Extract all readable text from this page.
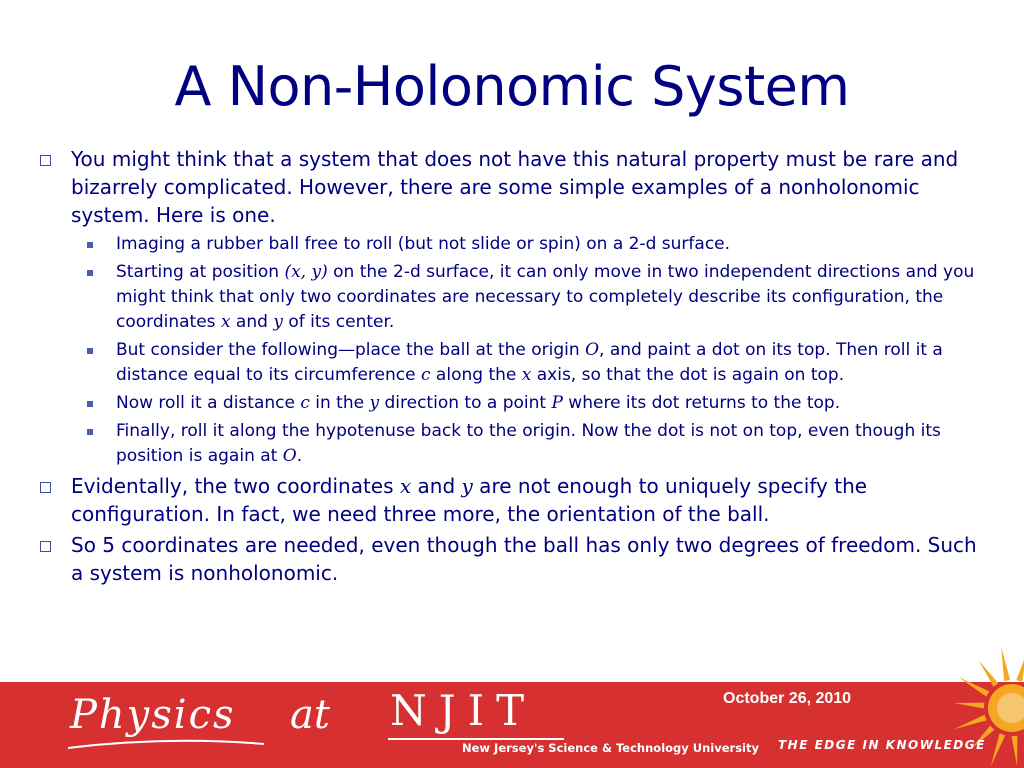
A Non-Holonomic System
You might think that a system that does not have this natural property must be rare and bizarrely complicated. However, there are some simple examples of a nonholonomic system. Here is one.
Imaging a rubber ball free to roll (but not slide or spin) on a 2-d surface.
Starting at position (x, y) on the 2-d surface, it can only move in two independent directions and you might think that only two coordinates are necessary to completely describe its configuration, the coordinates x and y of its center.
But consider the following—place the ball at the origin O, and paint a dot on its top. Then roll it a distance equal to its circumference c along the x axis, so that the dot is again on top.
Now roll it a distance c in the y direction to a point P where its dot returns to the top.
Finally, roll it along the hypotenuse back to the origin. Now the dot is not on top, even though its position is again at O.
Evidentally, the two coordinates x and y are not enough to uniquely specify the configuration. In fact, we need three more, the orientation of the ball.
So 5 coordinates are needed, even though the ball has only two degrees of freedom. Such a system is nonholonomic.
Physics at NJIT
New Jersey's Science & Technology University
October 26, 2010
THE EDGE IN KNOWLEDGE
